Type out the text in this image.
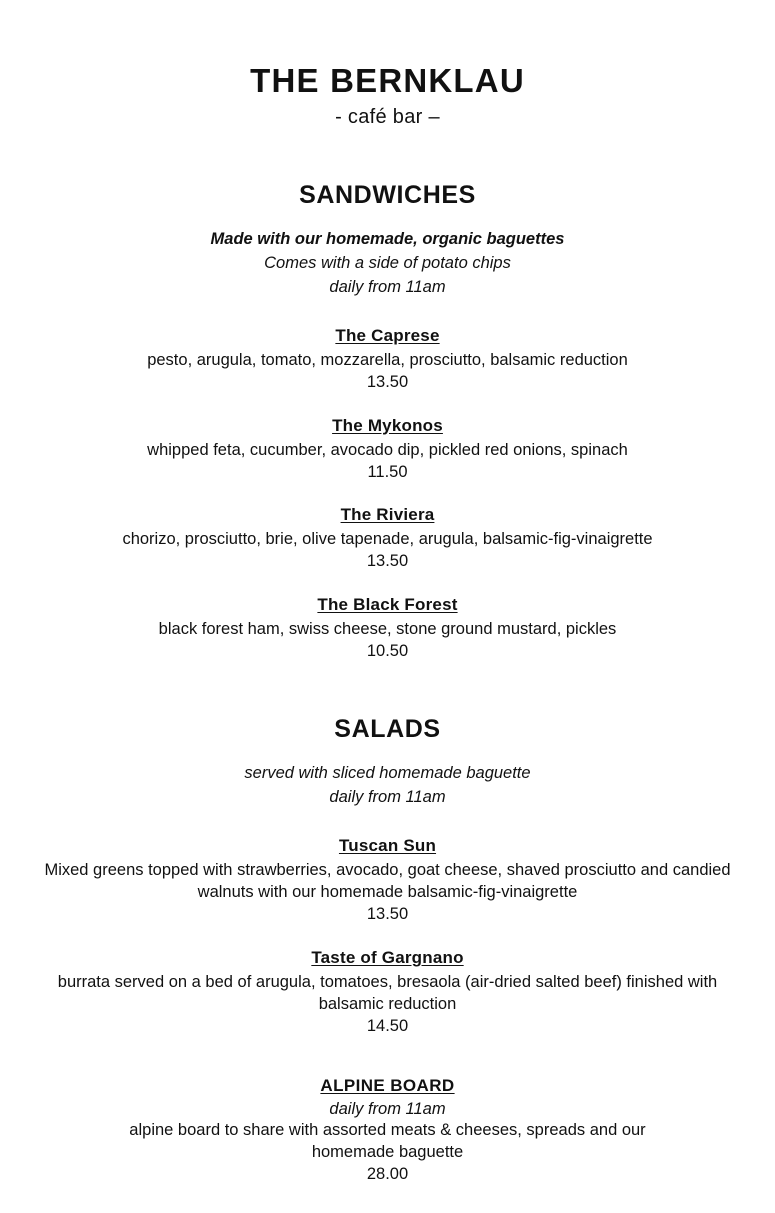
THE BERNKLAU
- café bar –
SANDWICHES

Made with our homemade, organic baguettes

Comes with a side of potato chips

daily from 11am

The Caprese

pesto, arugula, tomato, mozzarella, prosciutto, balsamic reduction

13.50

The Mykonos

whipped feta, cucumber, avocado dip, pickled red onions, spinach

11.50

The Riviera

chorizo, prosciutto, brie, olive tapenade, arugula, balsamic-fig-vinaigrette

13.50

The Black Forest

black forest ham, swiss cheese, stone ground mustard, pickles

10.50

SALADS

served with sliced homemade baguette

daily from 11am

Tuscan Sun

Mixed greens topped with strawberries, avocado, goat cheese, shaved prosciutto and candied walnuts with our homemade balsamic-fig-vinaigrette

13.50

Taste of Gargnano

burrata served on a bed of arugula, tomatoes, bresaola (air-dried salted beef) finished with balsamic reduction

14.50

ALPINE BOARD

daily from 11am

alpine board to share with assorted meats & cheeses, spreads and our homemade baguette

28.00
